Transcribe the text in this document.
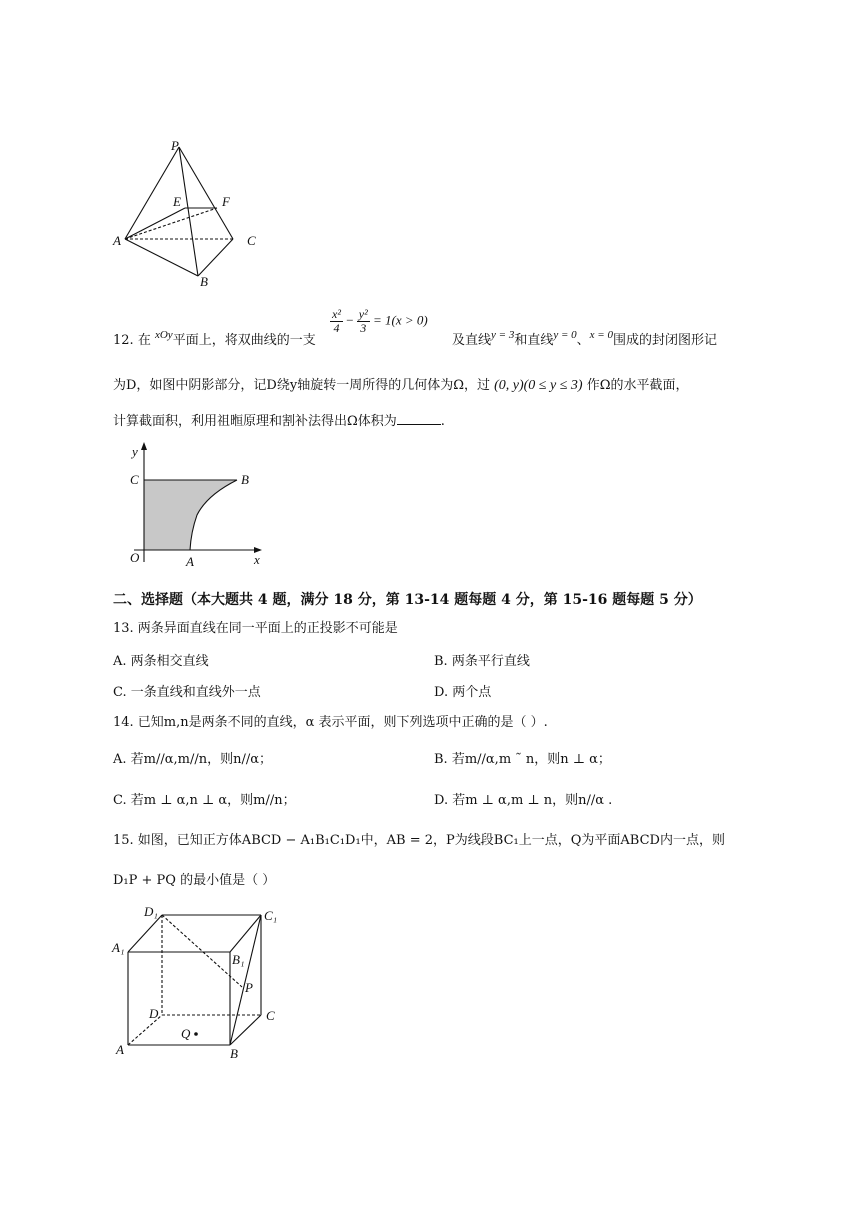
P
E	F
A	C
B
12. 在 $^{xOy}$平面上，将双曲线的一支
$\frac{\text{x²}}{4} - \frac{\text{y²}}{3} = 1(x > 0)$
及直线$^{y = 3}$和直线$^{y = 0}$、$^{x = 0}$围成的封闭图形记
为D，如图中阴影部分，记D绕y轴旋转一周所得的几何体为Ω，过 (0, y)(0 ≤ y ≤ 3) 作Ω的水平截面，
计算截面积，利用祖暅原理和割补法得出Ω体积为	.
y
C	B
O	A	x
二、选择题（本大题共 4 题，满分 18 分，第 13-14 题每题 4 分，第 15-16 题每题 5 分）
13. 两条异面直线在同一平面上的正投影不可能是
A. 两条相交直线	B. 两条平行直线
C. 一条直线和直线外一点	D. 两个点
14. 已知m,n是两条不同的直线，α 表示平面，则下列选项中正确的是（ ）.
A. 若m//α,m//n，则n//α；	B. 若m//α,m ˜ n，则n ⊥ α；
C. 若m ⊥ α,n ⊥ α，则m//n；	D. 若m ⊥ α,m ⊥ n，则n//α .
15. 如图，已知正方体ABCD − A₁B₁C₁D₁中，AB = 2，P为线段BC₁上一点，Q为平面ABCD内一点，则
D₁P + PQ 的最小值是（ ）
D₁	C₁
A₁
B₁
P
D	C
Q
A	B
